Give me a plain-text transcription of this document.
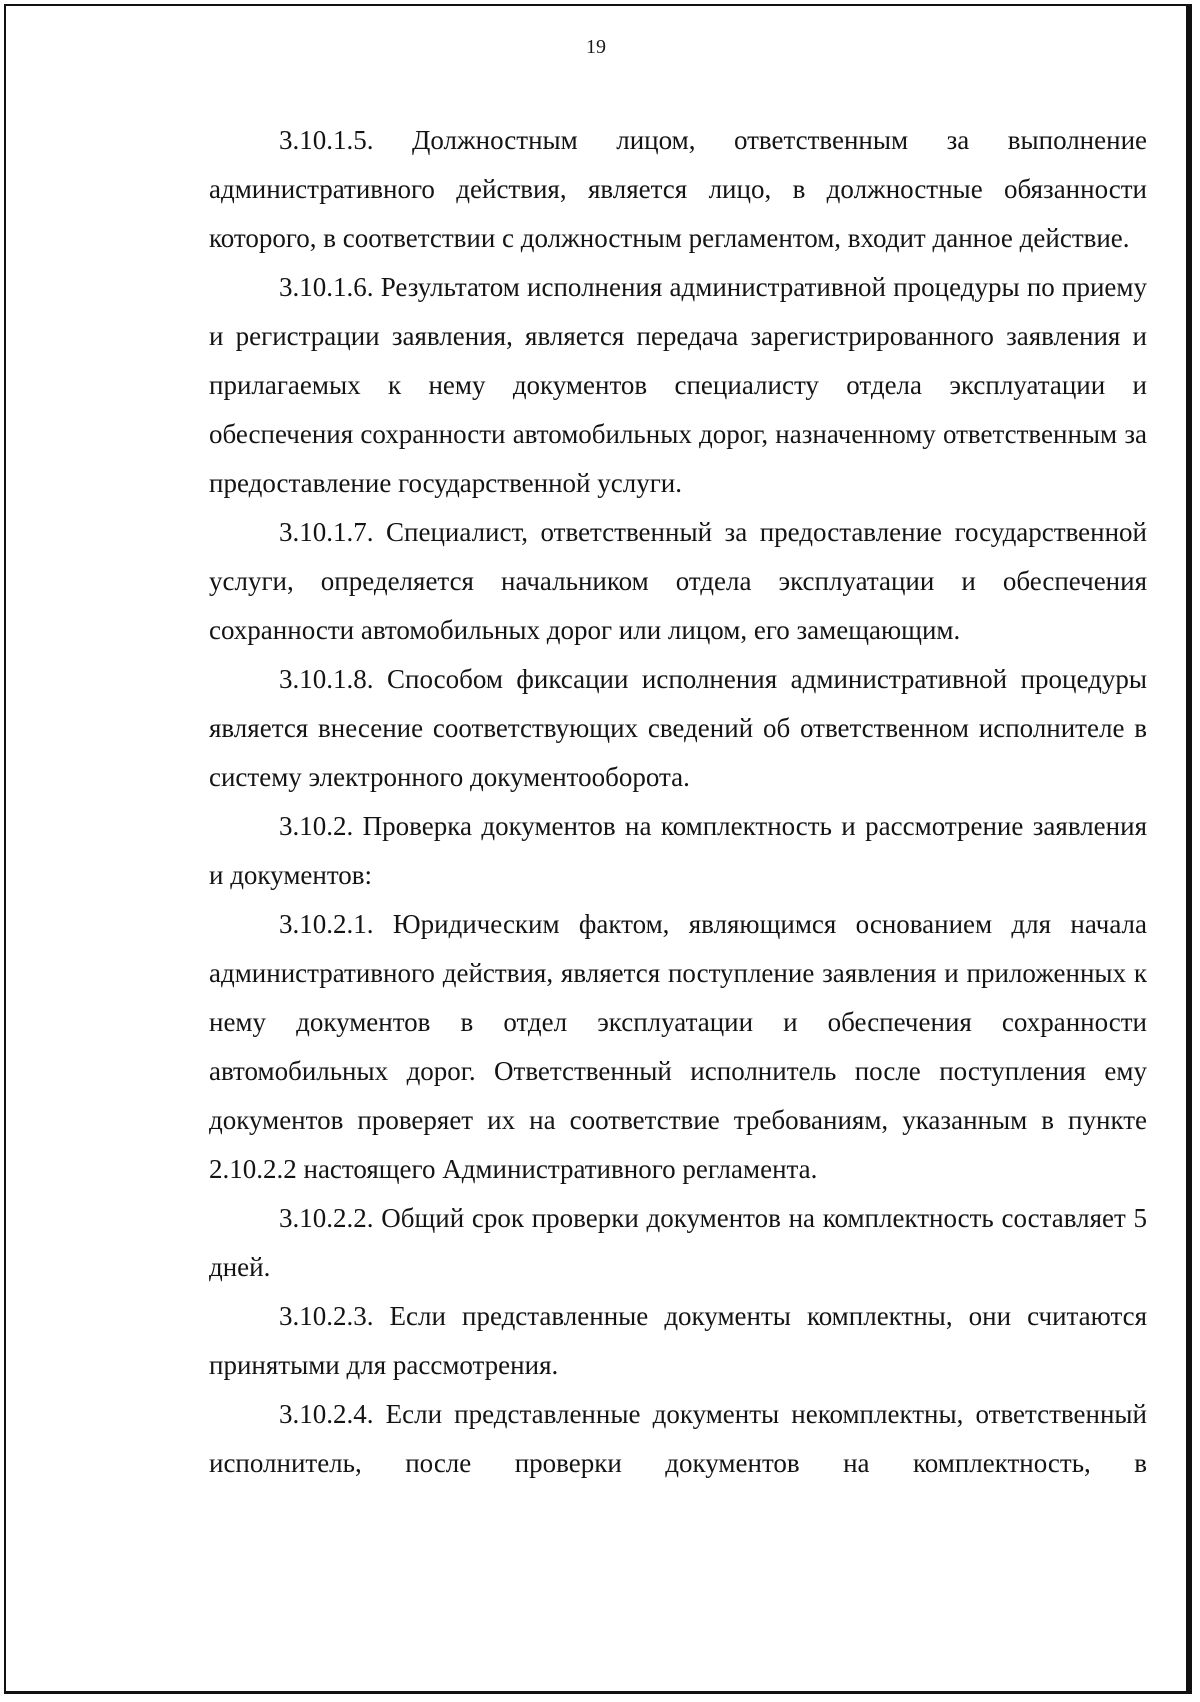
19

3.10.1.5. Должностным лицом, ответственным за выполнение административного действия, является лицо, в должностные обязанности которого, в соответствии с должностным регламентом, входит данное действие.

3.10.1.6. Результатом исполнения административной процедуры по приему и регистрации заявления, является передача зарегистрированного заявления и прилагаемых к нему документов специалисту отдела эксплуатации и обеспечения сохранности автомобильных дорог, назначенному ответственным за предоставление государственной услуги.

3.10.1.7. Специалист, ответственный за предоставление государственной услуги, определяется начальником отдела эксплуатации и обеспечения сохранности автомобильных дорог или лицом, его замещающим.

3.10.1.8. Способом фиксации исполнения административной процедуры является внесение соответствующих сведений об ответственном исполнителе в систему электронного документооборота.

3.10.2. Проверка документов на комплектность и рассмотрение заявления и документов:

3.10.2.1. Юридическим фактом, являющимся основанием для начала административного действия, является поступление заявления и приложенных к нему документов в отдел эксплуатации и обеспечения сохранности автомобильных дорог. Ответственный исполнитель после поступления ему документов проверяет их на соответствие требованиям, указанным в пункте 2.10.2.2 настоящего Административного регламента.

3.10.2.2. Общий срок проверки документов на комплектность составляет 5 дней.

3.10.2.3. Если представленные документы комплектны, они считаются принятыми для рассмотрения.

3.10.2.4. Если представленные документы некомплектны, ответственный исполнитель, после проверки документов на комплектность, в
